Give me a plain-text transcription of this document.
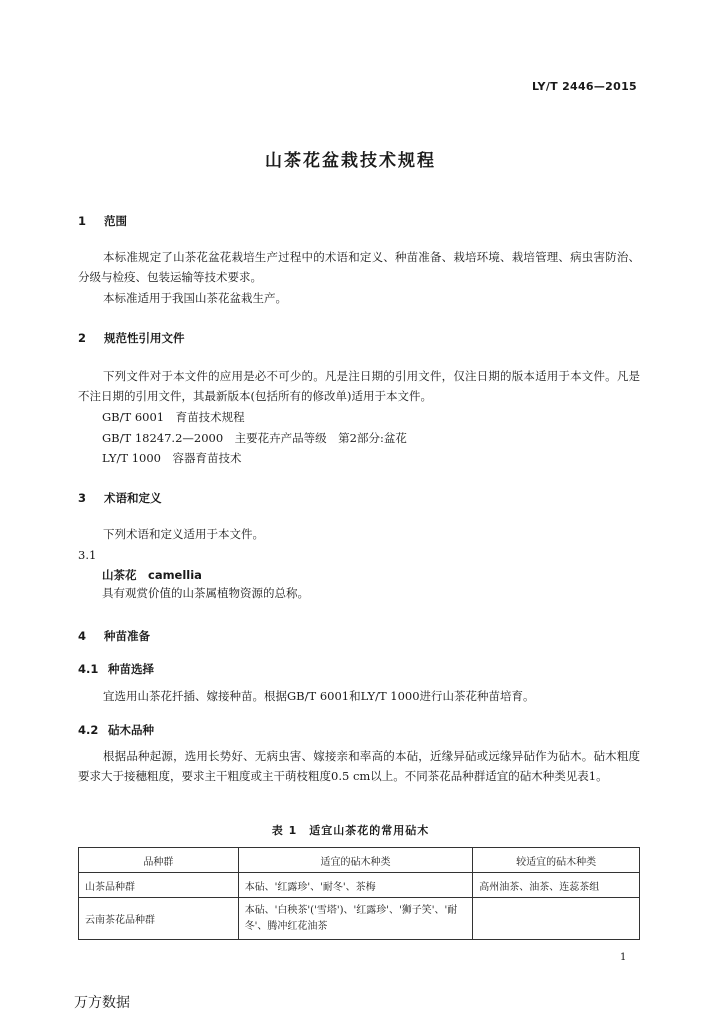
LY/T 2446—2015
山茶花盆栽技术规程
1 范围
本标准规定了山茶花盆花栽培生产过程中的术语和定义、种苗准备、栽培环境、栽培管理、病虫害防治、分级与检疫、包装运输等技术要求。
本标准适用于我国山茶花盆栽生产。
2 规范性引用文件
下列文件对于本文件的应用是必不可少的。凡是注日期的引用文件，仅注日期的版本适用于本文件。凡是不注日期的引用文件，其最新版本(包括所有的修改单)适用于本文件。
GB/T 6001　育苗技术规程
GB/T 18247.2—2000　主要花卉产品等级　第2部分:盆花
LY/T 1000　容器育苗技术
3 术语和定义
下列术语和定义适用于本文件。
3.1
山茶花　 camellia
具有观赏价值的山茶属植物资源的总称。
4 种苗准备
4.1 种苗选择
宜选用山茶花扦插、嫁接种苗。根据GB/T 6001和LY/T 1000进行山茶花种苗培育。
4.2 砧木品种
根据品种起源，选用长势好、无病虫害、嫁接亲和率高的本砧，近缘异砧或远缘异砧作为砧木。砧木粗度要求大于接穗粗度，要求主干粗度或主干萌枝粗度0.5 cm以上。不同茶花品种群适宜的砧木种类见表1。
表 1　适宜山茶花的常用砧木
品种群	适宜的砧木种类	较适宜的砧木种类
山茶品种群	本砧、'红露珍'、'耐冬'、茶梅	高州油茶、油茶、连蕊茶组
云南茶花品种群	本砧、'白秧茶'('雪塔')、'红露珍'、'狮子笑'、'耐冬'、腾冲红花油茶	
1
万方数据
